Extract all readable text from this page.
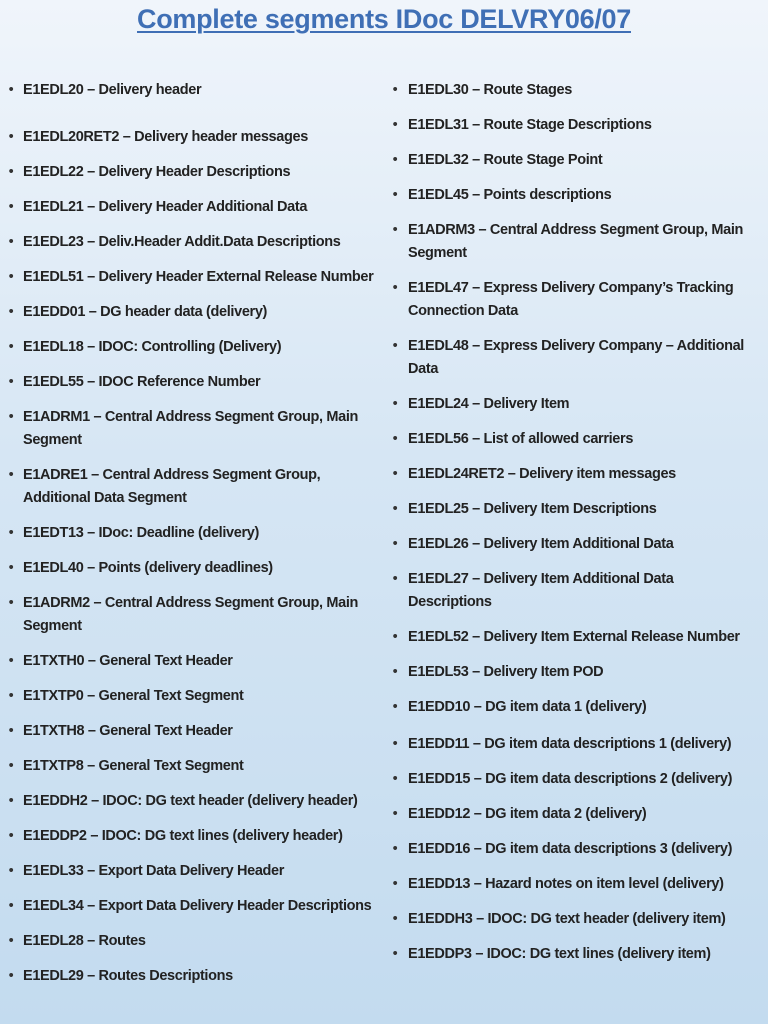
Complete segments IDoc DELVRY06/07
• E1EDL20 – Delivery header
• E1EDL20RET2 – Delivery header messages
• E1EDL22 – Delivery Header Descriptions
• E1EDL21 – Delivery Header Additional Data
• E1EDL23 – Deliv.Header Addit.Data Descriptions
• E1EDL51 – Delivery Header External Release Number
• E1EDD01 – DG header data (delivery)
• E1EDL18 – IDOC: Controlling (Delivery)
• E1EDL55 – IDOC Reference Number
• E1ADRM1 – Central Address Segment Group, Main Segment
• E1ADRE1 – Central Address Segment Group, Additional Data Segment
• E1EDT13 – IDoc: Deadline (delivery)
• E1EDL40 – Points (delivery deadlines)
• E1ADRM2 – Central Address Segment Group, Main Segment
• E1TXTH0 – General Text Header
• E1TXTP0 – General Text Segment
• E1TXTH8 – General Text Header
• E1TXTP8 – General Text Segment
• E1EDDH2 – IDOC: DG text header (delivery header)
• E1EDDP2 – IDOC: DG text lines (delivery header)
• E1EDL33 – Export Data Delivery Header
• E1EDL34 – Export Data Delivery Header Descriptions
• E1EDL28 – Routes
• E1EDL29 – Routes Descriptions
• E1EDL30 – Route Stages
• E1EDL31 – Route Stage Descriptions
• E1EDL32 – Route Stage Point
• E1EDL45 – Points descriptions
• E1ADRM3 – Central Address Segment Group, Main Segment
• E1EDL47 – Express Delivery Company’s Tracking Connection Data
• E1EDL48 – Express Delivery Company – Additional Data
• E1EDL24 – Delivery Item
• E1EDL56 – List of allowed carriers
• E1EDL24RET2 – Delivery item messages
• E1EDL25 – Delivery Item Descriptions
• E1EDL26 – Delivery Item Additional Data
• E1EDL27 – Delivery Item Additional Data Descriptions
• E1EDL52 – Delivery Item External Release Number
• E1EDL53 – Delivery Item POD
• E1EDD10 – DG item data 1 (delivery)
• E1EDD11 – DG item data descriptions 1 (delivery)
• E1EDD15 – DG item data descriptions 2 (delivery)
• E1EDD12 – DG item data 2 (delivery)
• E1EDD16 – DG item data descriptions 3 (delivery)
• E1EDD13 – Hazard notes on item level (delivery)
• E1EDDH3 – IDOC: DG text header (delivery item)
• E1EDDP3 – IDOC: DG text lines (delivery item)
